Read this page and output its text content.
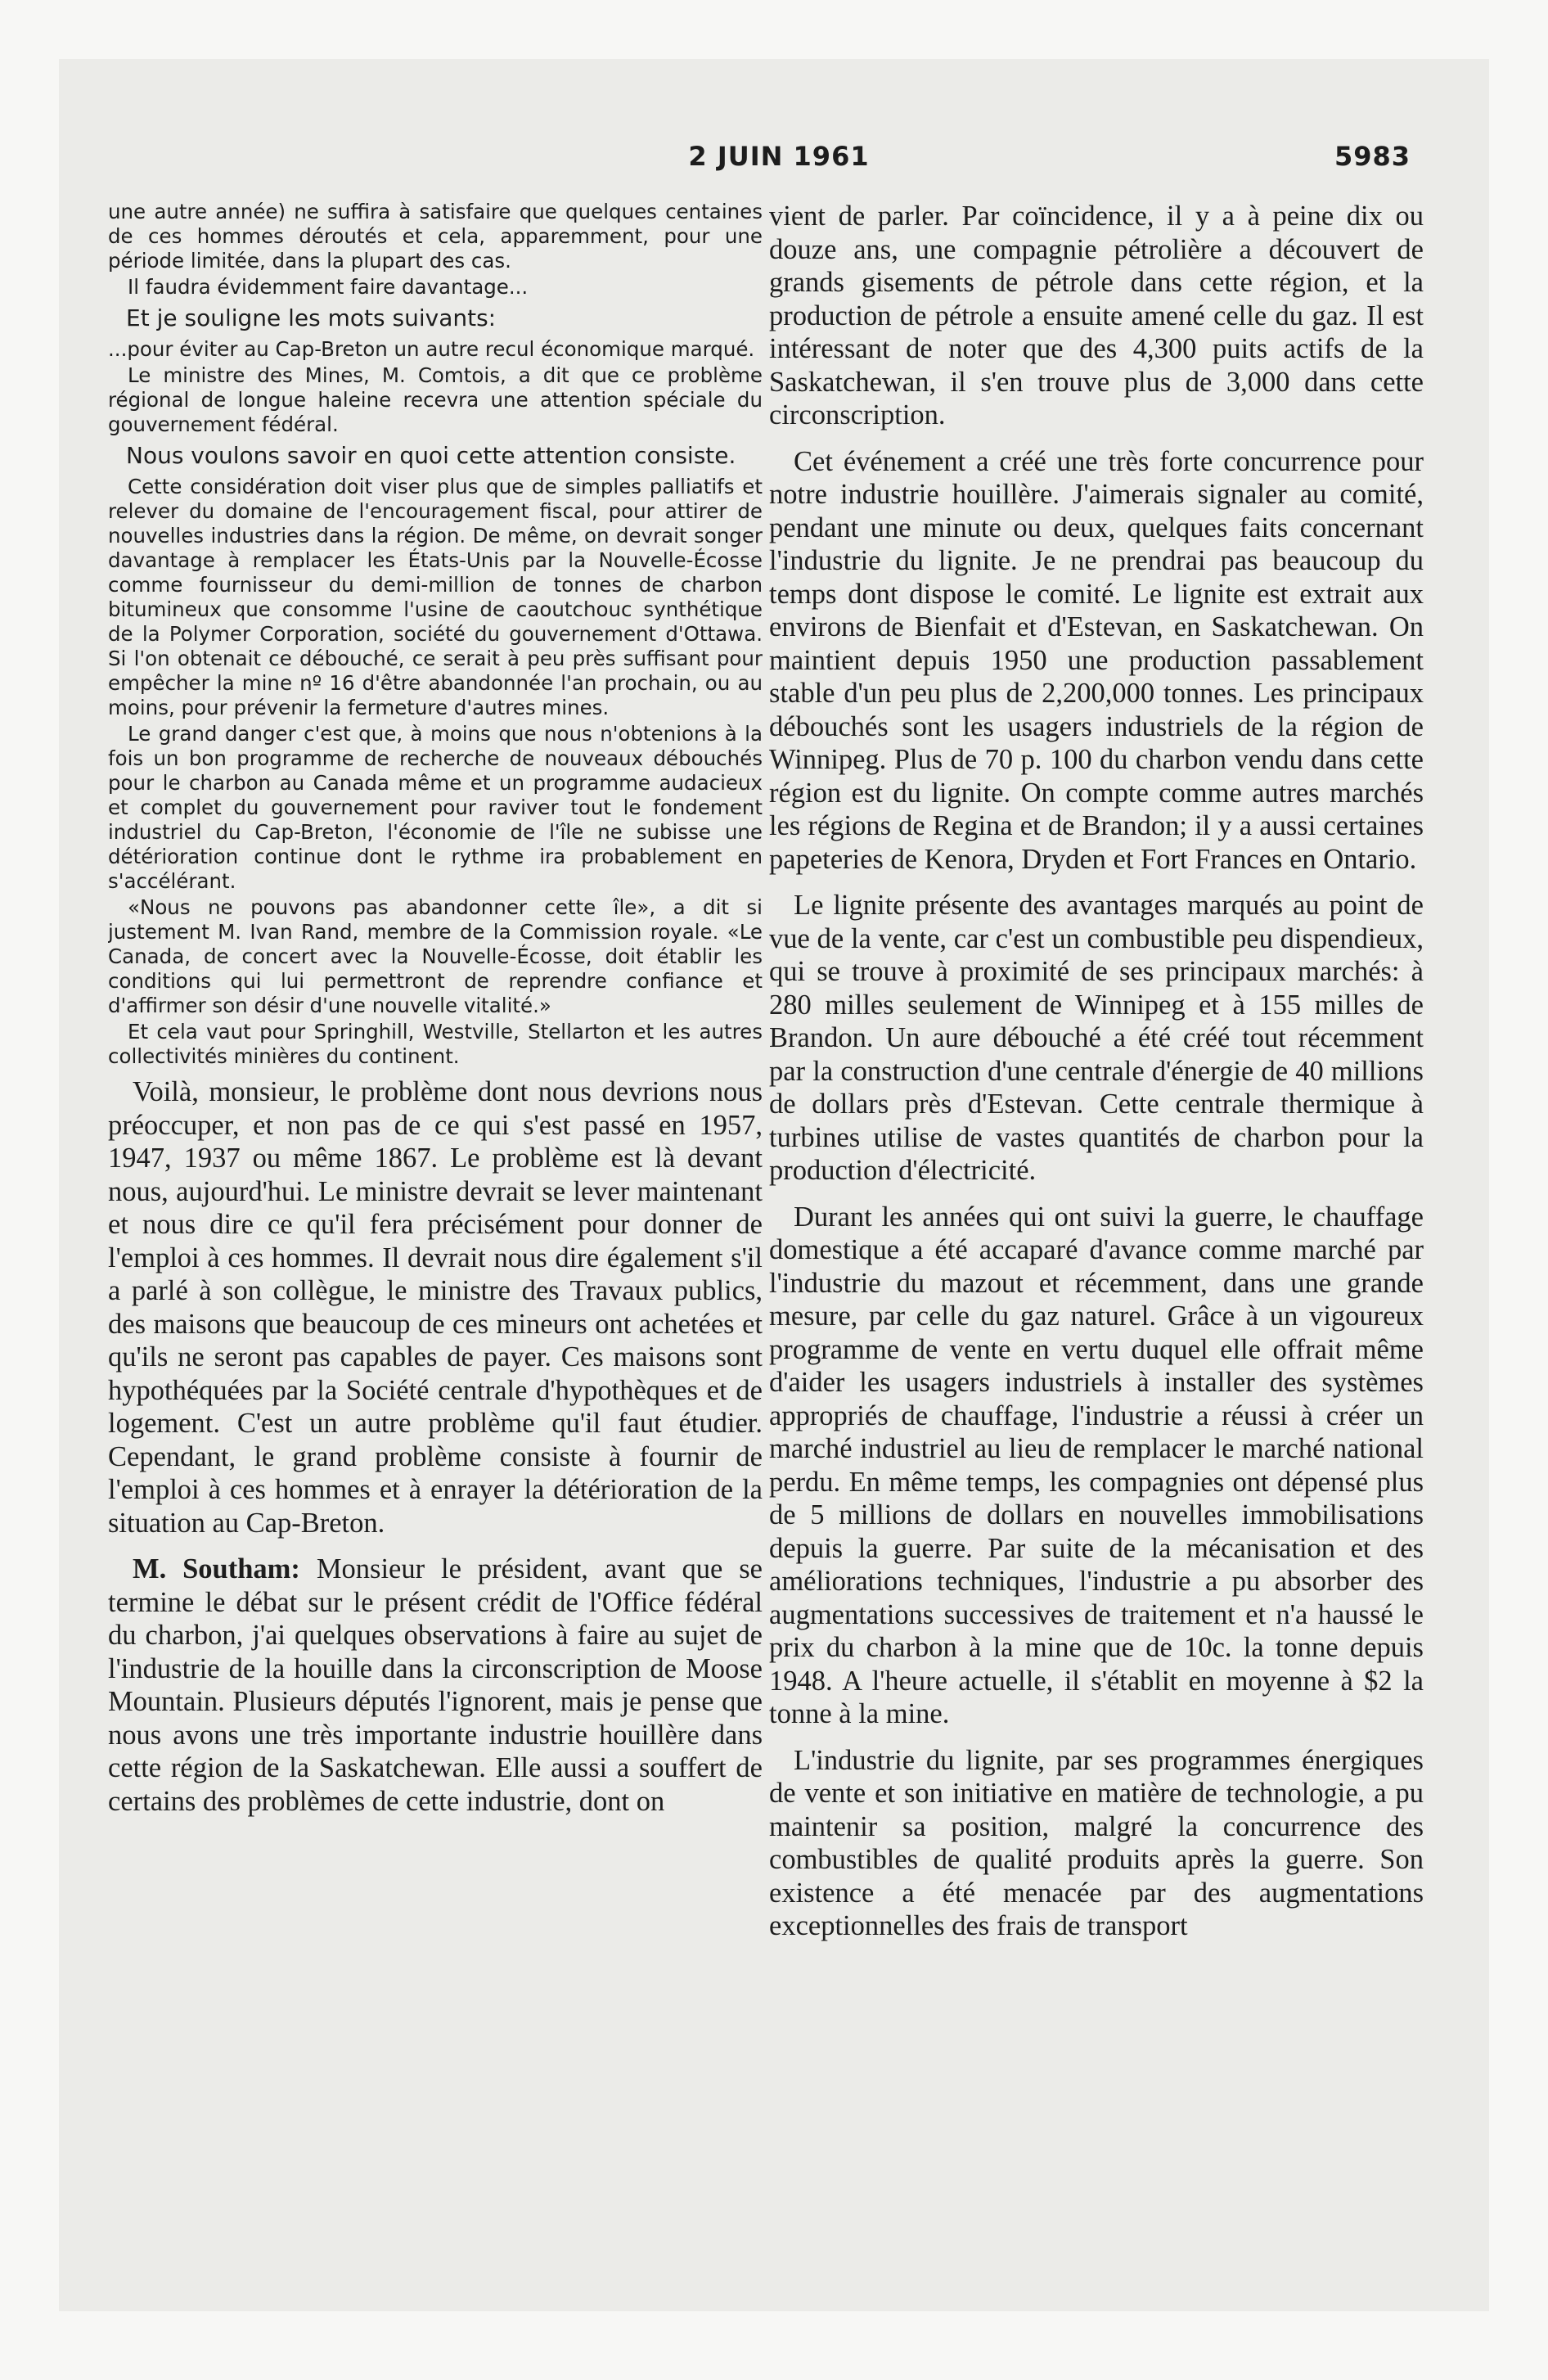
2 JUIN 1961	5983

une autre année) ne suffira à satisfaire que quelques centaines de ces hommes déroutés et cela, apparemment, pour une période limitée, dans la plupart des cas.

Il faudra évidemment faire davantage...

Et je souligne les mots suivants:

...pour éviter au Cap-Breton un autre recul économique marqué.

Le ministre des Mines, M. Comtois, a dit que ce problème régional de longue haleine recevra une attention spéciale du gouvernement fédéral.

Nous voulons savoir en quoi cette attention consiste.

Cette considération doit viser plus que de simples palliatifs et relever du domaine de l'encouragement fiscal, pour attirer de nouvelles industries dans la région. De même, on devrait songer davantage à remplacer les États-Unis par la Nouvelle-Écosse comme fournisseur du demi-million de tonnes de charbon bitumineux que consomme l'usine de caoutchouc synthétique de la Polymer Corporation, société du gouvernement d'Ottawa. Si l'on obtenait ce débouché, ce serait à peu près suffisant pour empêcher la mine nº 16 d'être abandonnée l'an prochain, ou au moins, pour prévenir la fermeture d'autres mines.

Le grand danger c'est que, à moins que nous n'obtenions à la fois un bon programme de recherche de nouveaux débouchés pour le charbon au Canada même et un programme audacieux et complet du gouvernement pour raviver tout le fondement industriel du Cap-Breton, l'économie de l'île ne subisse une détérioration continue dont le rythme ira probablement en s'accélérant.

«Nous ne pouvons pas abandonner cette île», a dit si justement M. Ivan Rand, membre de la Commission royale. «Le Canada, de concert avec la Nouvelle-Écosse, doit établir les conditions qui lui permettront de reprendre confiance et d'affirmer son désir d'une nouvelle vitalité.»

Et cela vaut pour Springhill, Westville, Stellarton et les autres collectivités minières du continent.

Voilà, monsieur, le problème dont nous devrions nous préoccuper, et non pas de ce qui s'est passé en 1957, 1947, 1937 ou même 1867. Le problème est là devant nous, aujourd'hui. Le ministre devrait se lever maintenant et nous dire ce qu'il fera précisément pour donner de l'emploi à ces hommes. Il devrait nous dire également s'il a parlé à son collègue, le ministre des Travaux publics, des maisons que beaucoup de ces mineurs ont achetées et qu'ils ne seront pas capables de payer. Ces maisons sont hypothéquées par la Société centrale d'hypothèques et de logement. C'est un autre problème qu'il faut étudier. Cependant, le grand problème consiste à fournir de l'emploi à ces hommes et à enrayer la détérioration de la situation au Cap-Breton.

M. Southam: Monsieur le président, avant que se termine le débat sur le présent crédit de l'Office fédéral du charbon, j'ai quelques observations à faire au sujet de l'industrie de la houille dans la circonscription de Moose Mountain. Plusieurs députés l'ignorent, mais je pense que nous avons une très importante industrie houillère dans cette région de la Saskatchewan. Elle aussi a souffert de certains des problèmes de cette industrie, dont on

vient de parler. Par coïncidence, il y a à peine dix ou douze ans, une compagnie pétrolière a découvert de grands gisements de pétrole dans cette région, et la production de pétrole a ensuite amené celle du gaz. Il est intéressant de noter que des 4,300 puits actifs de la Saskatchewan, il s'en trouve plus de 3,000 dans cette circonscription.

Cet événement a créé une très forte concurrence pour notre industrie houillère. J'aimerais signaler au comité, pendant une minute ou deux, quelques faits concernant l'industrie du lignite. Je ne prendrai pas beaucoup du temps dont dispose le comité. Le lignite est extrait aux environs de Bienfait et d'Estevan, en Saskatchewan. On maintient depuis 1950 une production passablement stable d'un peu plus de 2,200,000 tonnes. Les principaux débouchés sont les usagers industriels de la région de Winnipeg. Plus de 70 p. 100 du charbon vendu dans cette région est du lignite. On compte comme autres marchés les régions de Regina et de Brandon; il y a aussi certaines papeteries de Kenora, Dryden et Fort Frances en Ontario.

Le lignite présente des avantages marqués au point de vue de la vente, car c'est un combustible peu dispendieux, qui se trouve à proximité de ses principaux marchés: à 280 milles seulement de Winnipeg et à 155 milles de Brandon. Un aure débouché a été créé tout récemment par la construction d'une centrale d'énergie de 40 millions de dollars près d'Estevan. Cette centrale thermique à turbines utilise de vastes quantités de charbon pour la production d'électricité.

Durant les années qui ont suivi la guerre, le chauffage domestique a été accaparé d'avance comme marché par l'industrie du mazout et récemment, dans une grande mesure, par celle du gaz naturel. Grâce à un vigoureux programme de vente en vertu duquel elle offrait même d'aider les usagers industriels à installer des systèmes appropriés de chauffage, l'industrie a réussi à créer un marché industriel au lieu de remplacer le marché national perdu. En même temps, les compagnies ont dépensé plus de 5 millions de dollars en nouvelles immobilisations depuis la guerre. Par suite de la mécanisation et des améliorations techniques, l'industrie a pu absorber des augmentations successives de traitement et n'a haussé le prix du charbon à la mine que de 10c. la tonne depuis 1948. A l'heure actuelle, il s'établit en moyenne à $2 la tonne à la mine.

L'industrie du lignite, par ses programmes énergiques de vente et son initiative en matière de technologie, a pu maintenir sa position, malgré la concurrence des combustibles de qualité produits après la guerre. Son existence a été menacée par des augmentations exceptionnelles des frais de transport
